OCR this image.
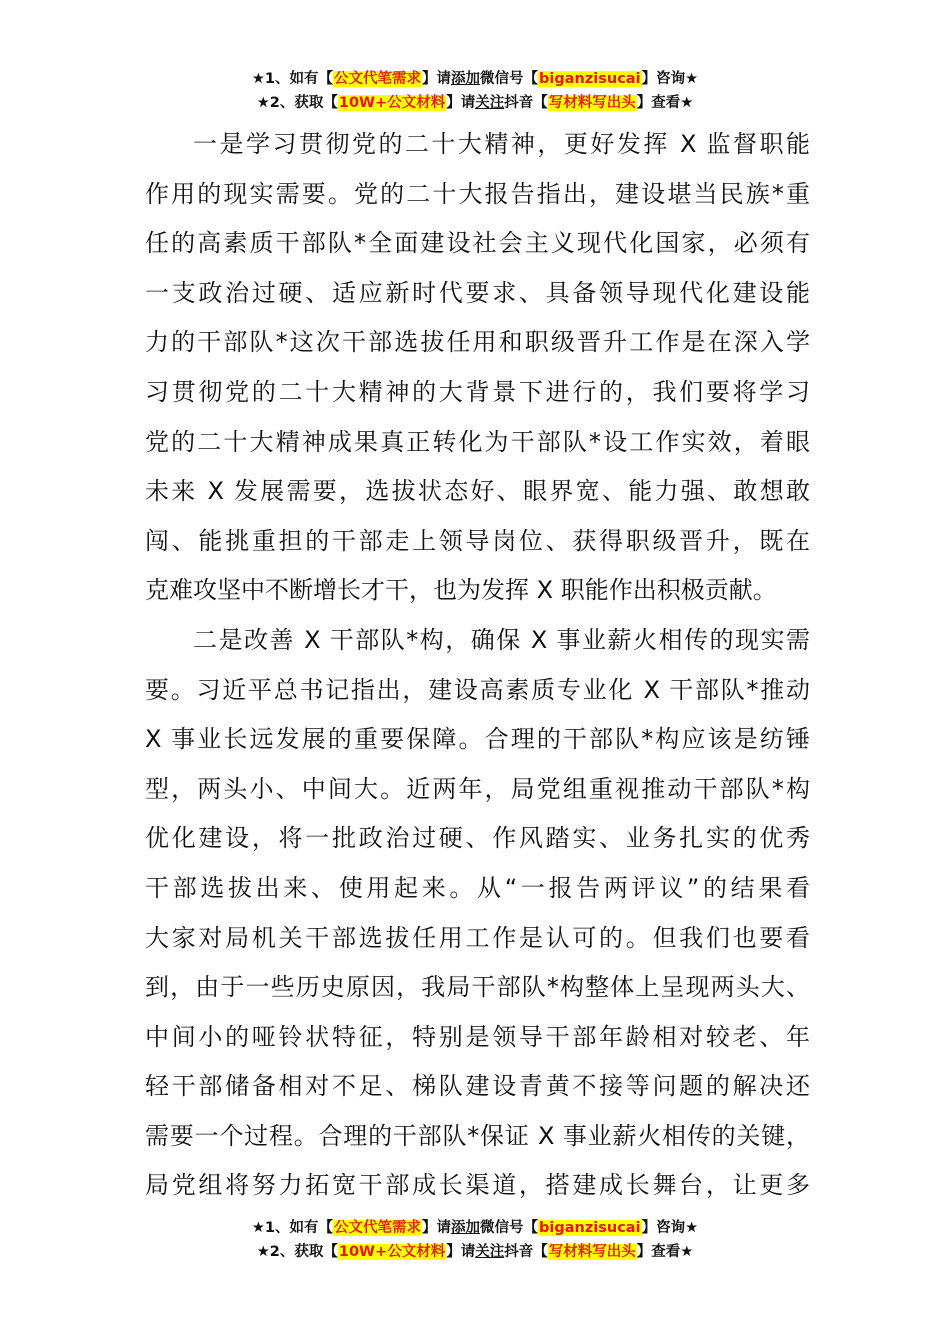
★1、如有【公文代笔需求】请添加微信号【biganzisucai】咨询★
★2、获取【10W+公文材料】请关注抖音【写材料写出头】查看★
一是学习贯彻党的二十大精神，更好发挥 X 监督职能
作用的现实需要。党的二十大报告指出，建设堪当民族*重
任的高素质干部队*全面建设社会主义现代化国家，必须有
一支政治过硬、适应新时代要求、具备领导现代化建设能
力的干部队*这次干部选拔任用和职级晋升工作是在深入学
习贯彻党的二十大精神的大背景下进行的，我们要将学习
党的二十大精神成果真正转化为干部队*设工作实效，着眼
未来 X 发展需要，选拔状态好、眼界宽、能力强、敢想敢
闯、能挑重担的干部走上领导岗位、获得职级晋升，既在
克难攻坚中不断增长才干，也为发挥 X 职能作出积极贡献。
二是改善 X 干部队*构，确保 X 事业薪火相传的现实需
要。习近平总书记指出，建设高素质专业化 X 干部队*推动
X 事业长远发展的重要保障。合理的干部队*构应该是纺锤
型，两头小、中间大。近两年，局党组重视推动干部队*构
优化建设，将一批政治过硬、作风踏实、业务扎实的优秀
干部选拔出来、使用起来。从“一报告两评议”的结果看
大家对局机关干部选拔任用工作是认可的。但我们也要看
到，由于一些历史原因，我局干部队*构整体上呈现两头大、
中间小的哑铃状特征，特别是领导干部年龄相对较老、年
轻干部储备相对不足、梯队建设青黄不接等问题的解决还
需要一个过程。合理的干部队*保证 X 事业薪火相传的关键，
局党组将努力拓宽干部成长渠道，搭建成长舞台，让更多
★1、如有【公文代笔需求】请添加微信号【biganzisucai】咨询★
★2、获取【10W+公文材料】请关注抖音【写材料写出头】查看★
